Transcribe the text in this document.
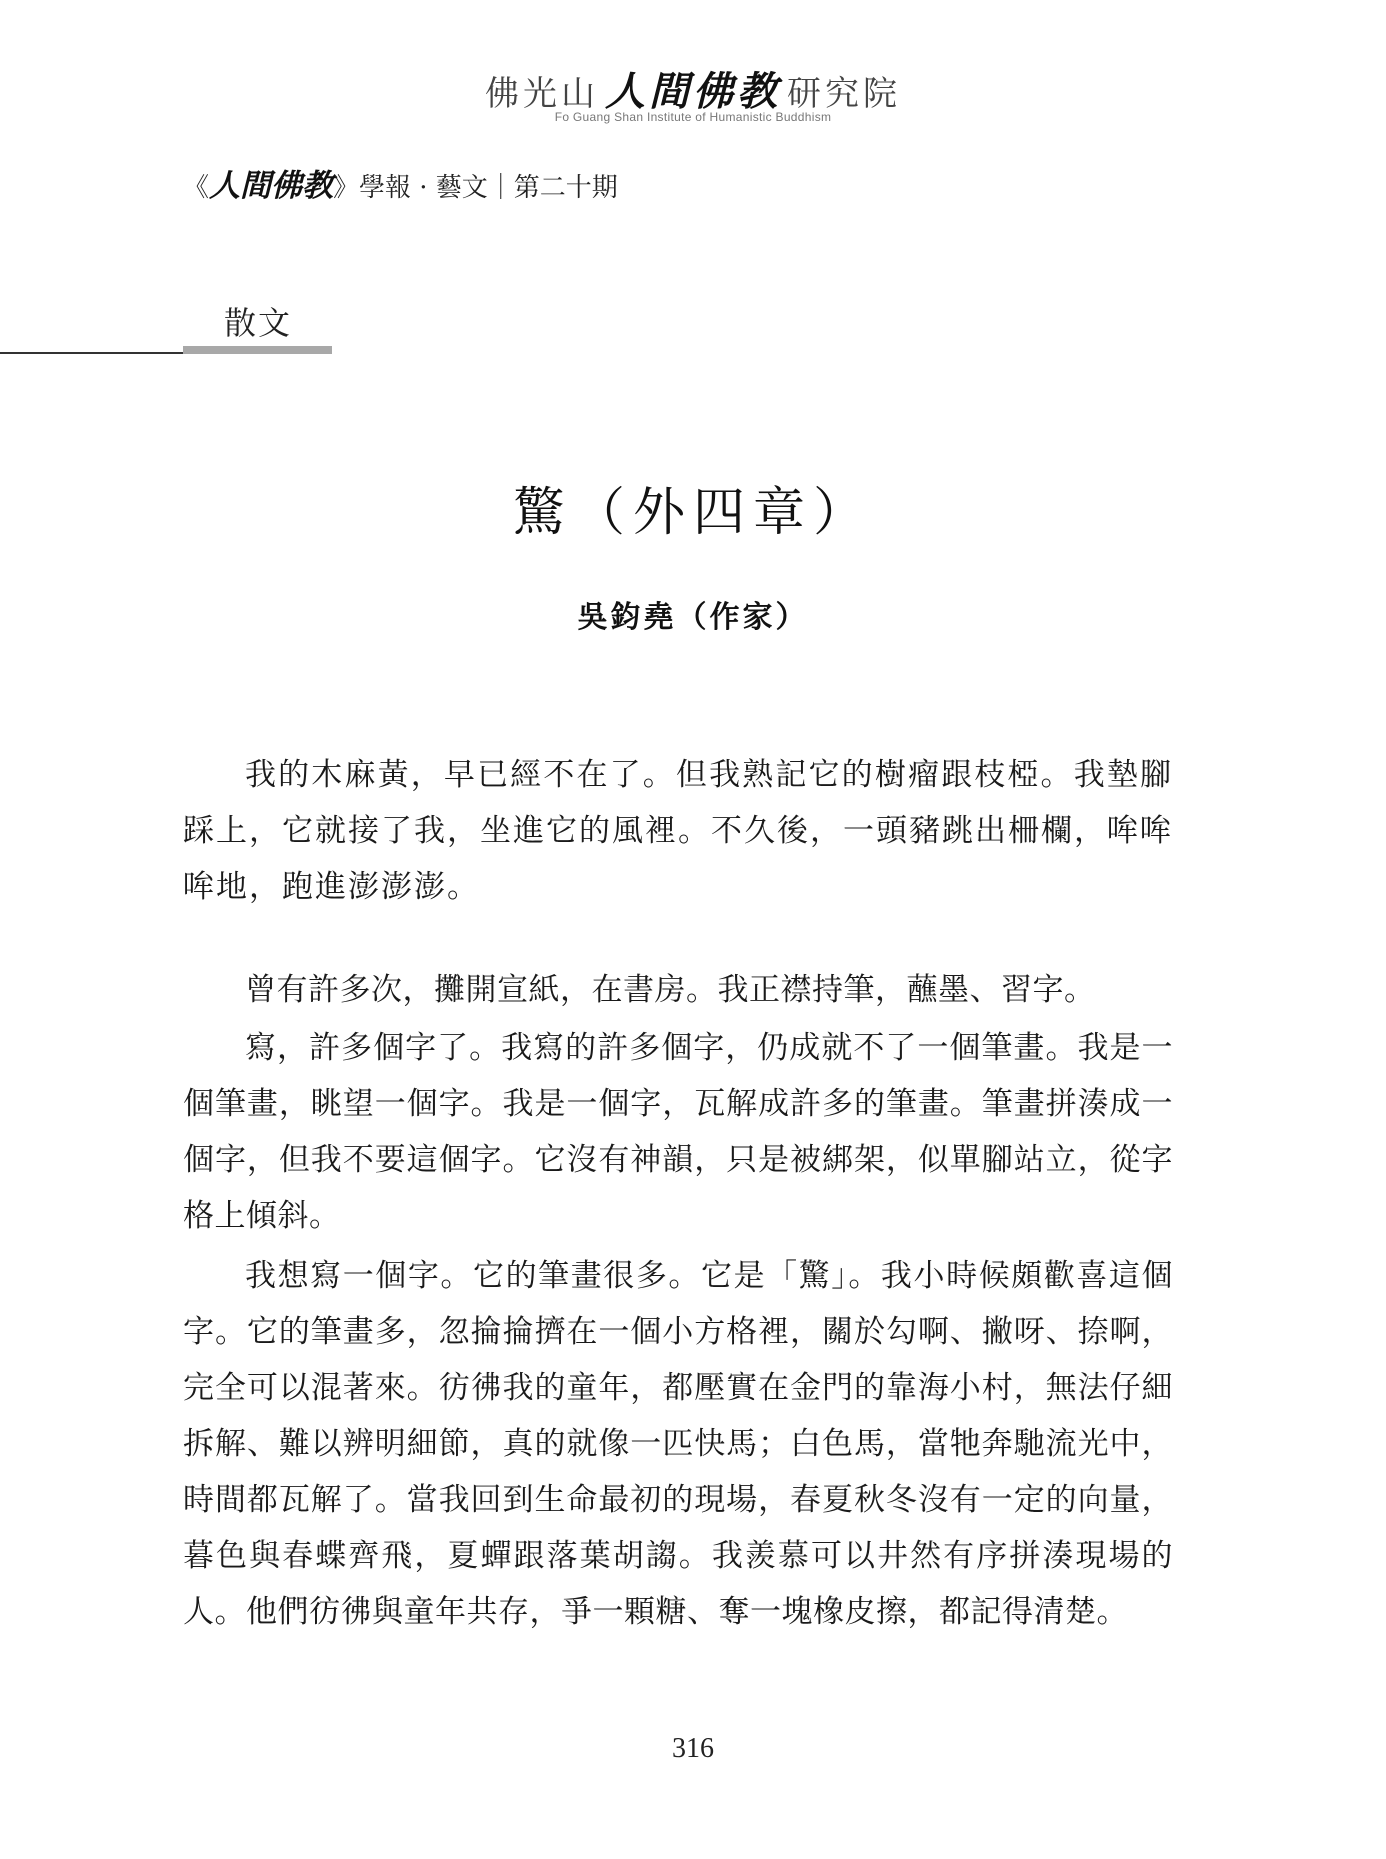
佛光山 人間佛教 研究院
Fo Guang Shan Institute of Humanistic Buddhism
《人間佛教》學報 · 藝文｜第二十期
散文
驚（外四章）
吳鈞堯（作家）

我的木麻黃，早已經不在了。但我熟記它的樹瘤跟枝椏。我墊腳踩上，它就接了我，坐進它的風裡。不久後，一頭豬跳出柵欄，哞哞哞地，跑進澎澎澎。

曾有許多次，攤開宣紙，在書房。我正襟持筆，蘸墨、習字。

寫，許多個字了。我寫的許多個字，仍成就不了一個筆畫。我是一個筆畫，眺望一個字。我是一個字，瓦解成許多的筆畫。筆畫拼湊成一個字，但我不要這個字。它沒有神韻，只是被綁架，似單腳站立，從字格上傾斜。

我想寫一個字。它的筆畫很多。它是「驚」。我小時候頗歡喜這個字。它的筆畫多，忽掄掄擠在一個小方格裡，關於勾啊、撇呀、捺啊，完全可以混著來。彷彿我的童年，都壓實在金門的靠海小村，無法仔細拆解、難以辨明細節，真的就像一匹快馬；白色馬，當牠奔馳流光中，時間都瓦解了。當我回到生命最初的現場，春夏秋冬沒有一定的向量，暮色與春蝶齊飛，夏蟬跟落葉胡謅。我羨慕可以井然有序拼湊現場的人。他們彷彿與童年共存，爭一顆糖、奪一塊橡皮擦，都記得清楚。

316
